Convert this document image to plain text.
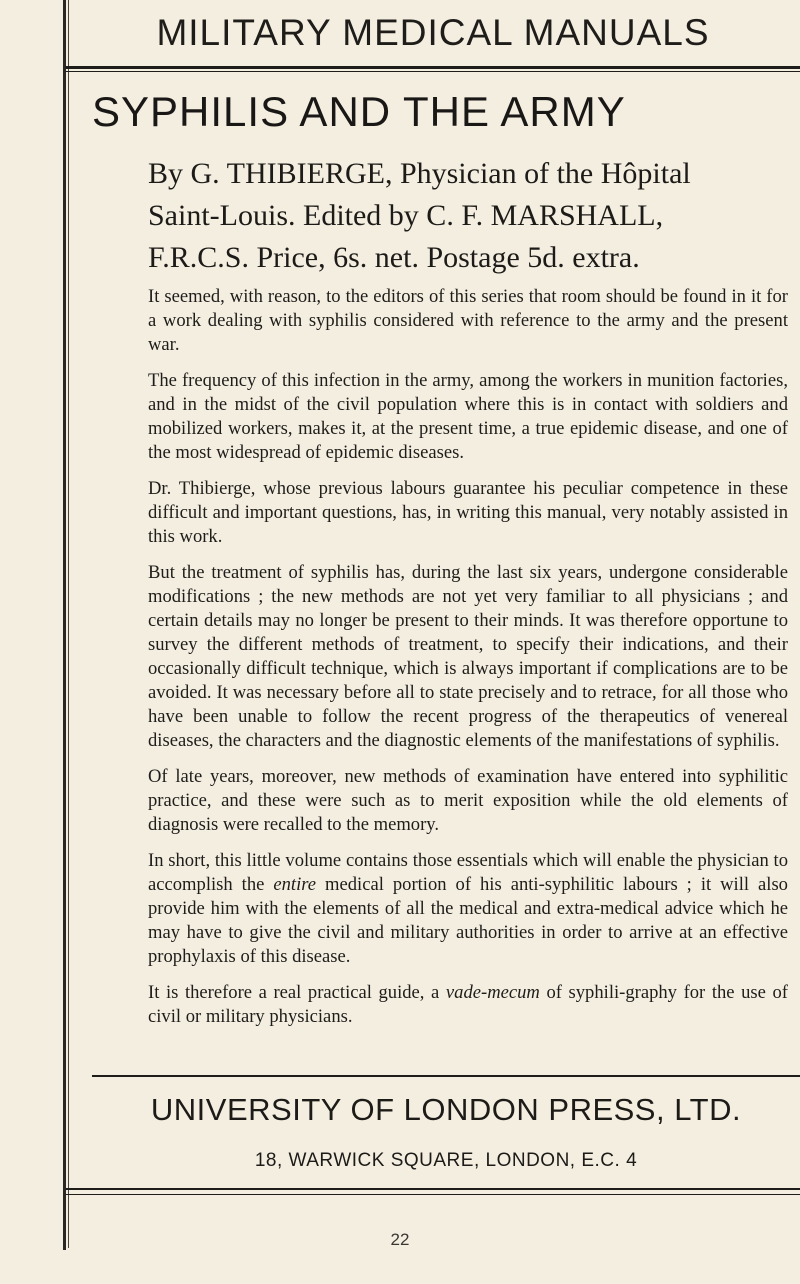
MILITARY MEDICAL MANUALS
SYPHILIS AND THE ARMY
By G. THIBIERGE, Physician of the Hôpital
Saint-Louis. Edited by C. F. MARSHALL,
F.R.C.S. Price, 6s. net. Postage 5d. extra.

It seemed, with reason, to the editors of this series that room should be found in it for a work dealing with syphilis considered with reference to the army and the present war.

The frequency of this infection in the army, among the workers in munition factories, and in the midst of the civil population where this is in contact with soldiers and mobilized workers, makes it, at the present time, a true epidemic disease, and one of the most widespread of epidemic diseases.

Dr. Thibierge, whose previous labours guarantee his peculiar competence in these difficult and important questions, has, in writing this manual, very notably assisted in this work.

But the treatment of syphilis has, during the last six years, undergone considerable modifications ; the new methods are not yet very familiar to all physicians ; and certain details may no longer be present to their minds. It was therefore opportune to survey the different methods of treatment, to specify their indications, and their occasionally difficult technique, which is always important if complications are to be avoided. It was necessary before all to state precisely and to retrace, for all those who have been unable to follow the recent progress of the therapeutics of venereal diseases, the characters and the diagnostic elements of the manifestations of syphilis.

Of late years, moreover, new methods of examination have entered into syphilitic practice, and these were such as to merit exposition while the old elements of diagnosis were recalled to the memory.

In short, this little volume contains those essentials which will enable the physician to accomplish the entire medical portion of his anti-syphilitic labours ; it will also provide him with the elements of all the medical and extra-medical advice which he may have to give the civil and military authorities in order to arrive at an effective prophylaxis of this disease.

It is therefore a real practical guide, a vade-mecum of syphili-graphy for the use of civil or military physicians.

UNIVERSITY OF LONDON PRESS, LTD.
18, WARWICK SQUARE, LONDON, E.C. 4
22
